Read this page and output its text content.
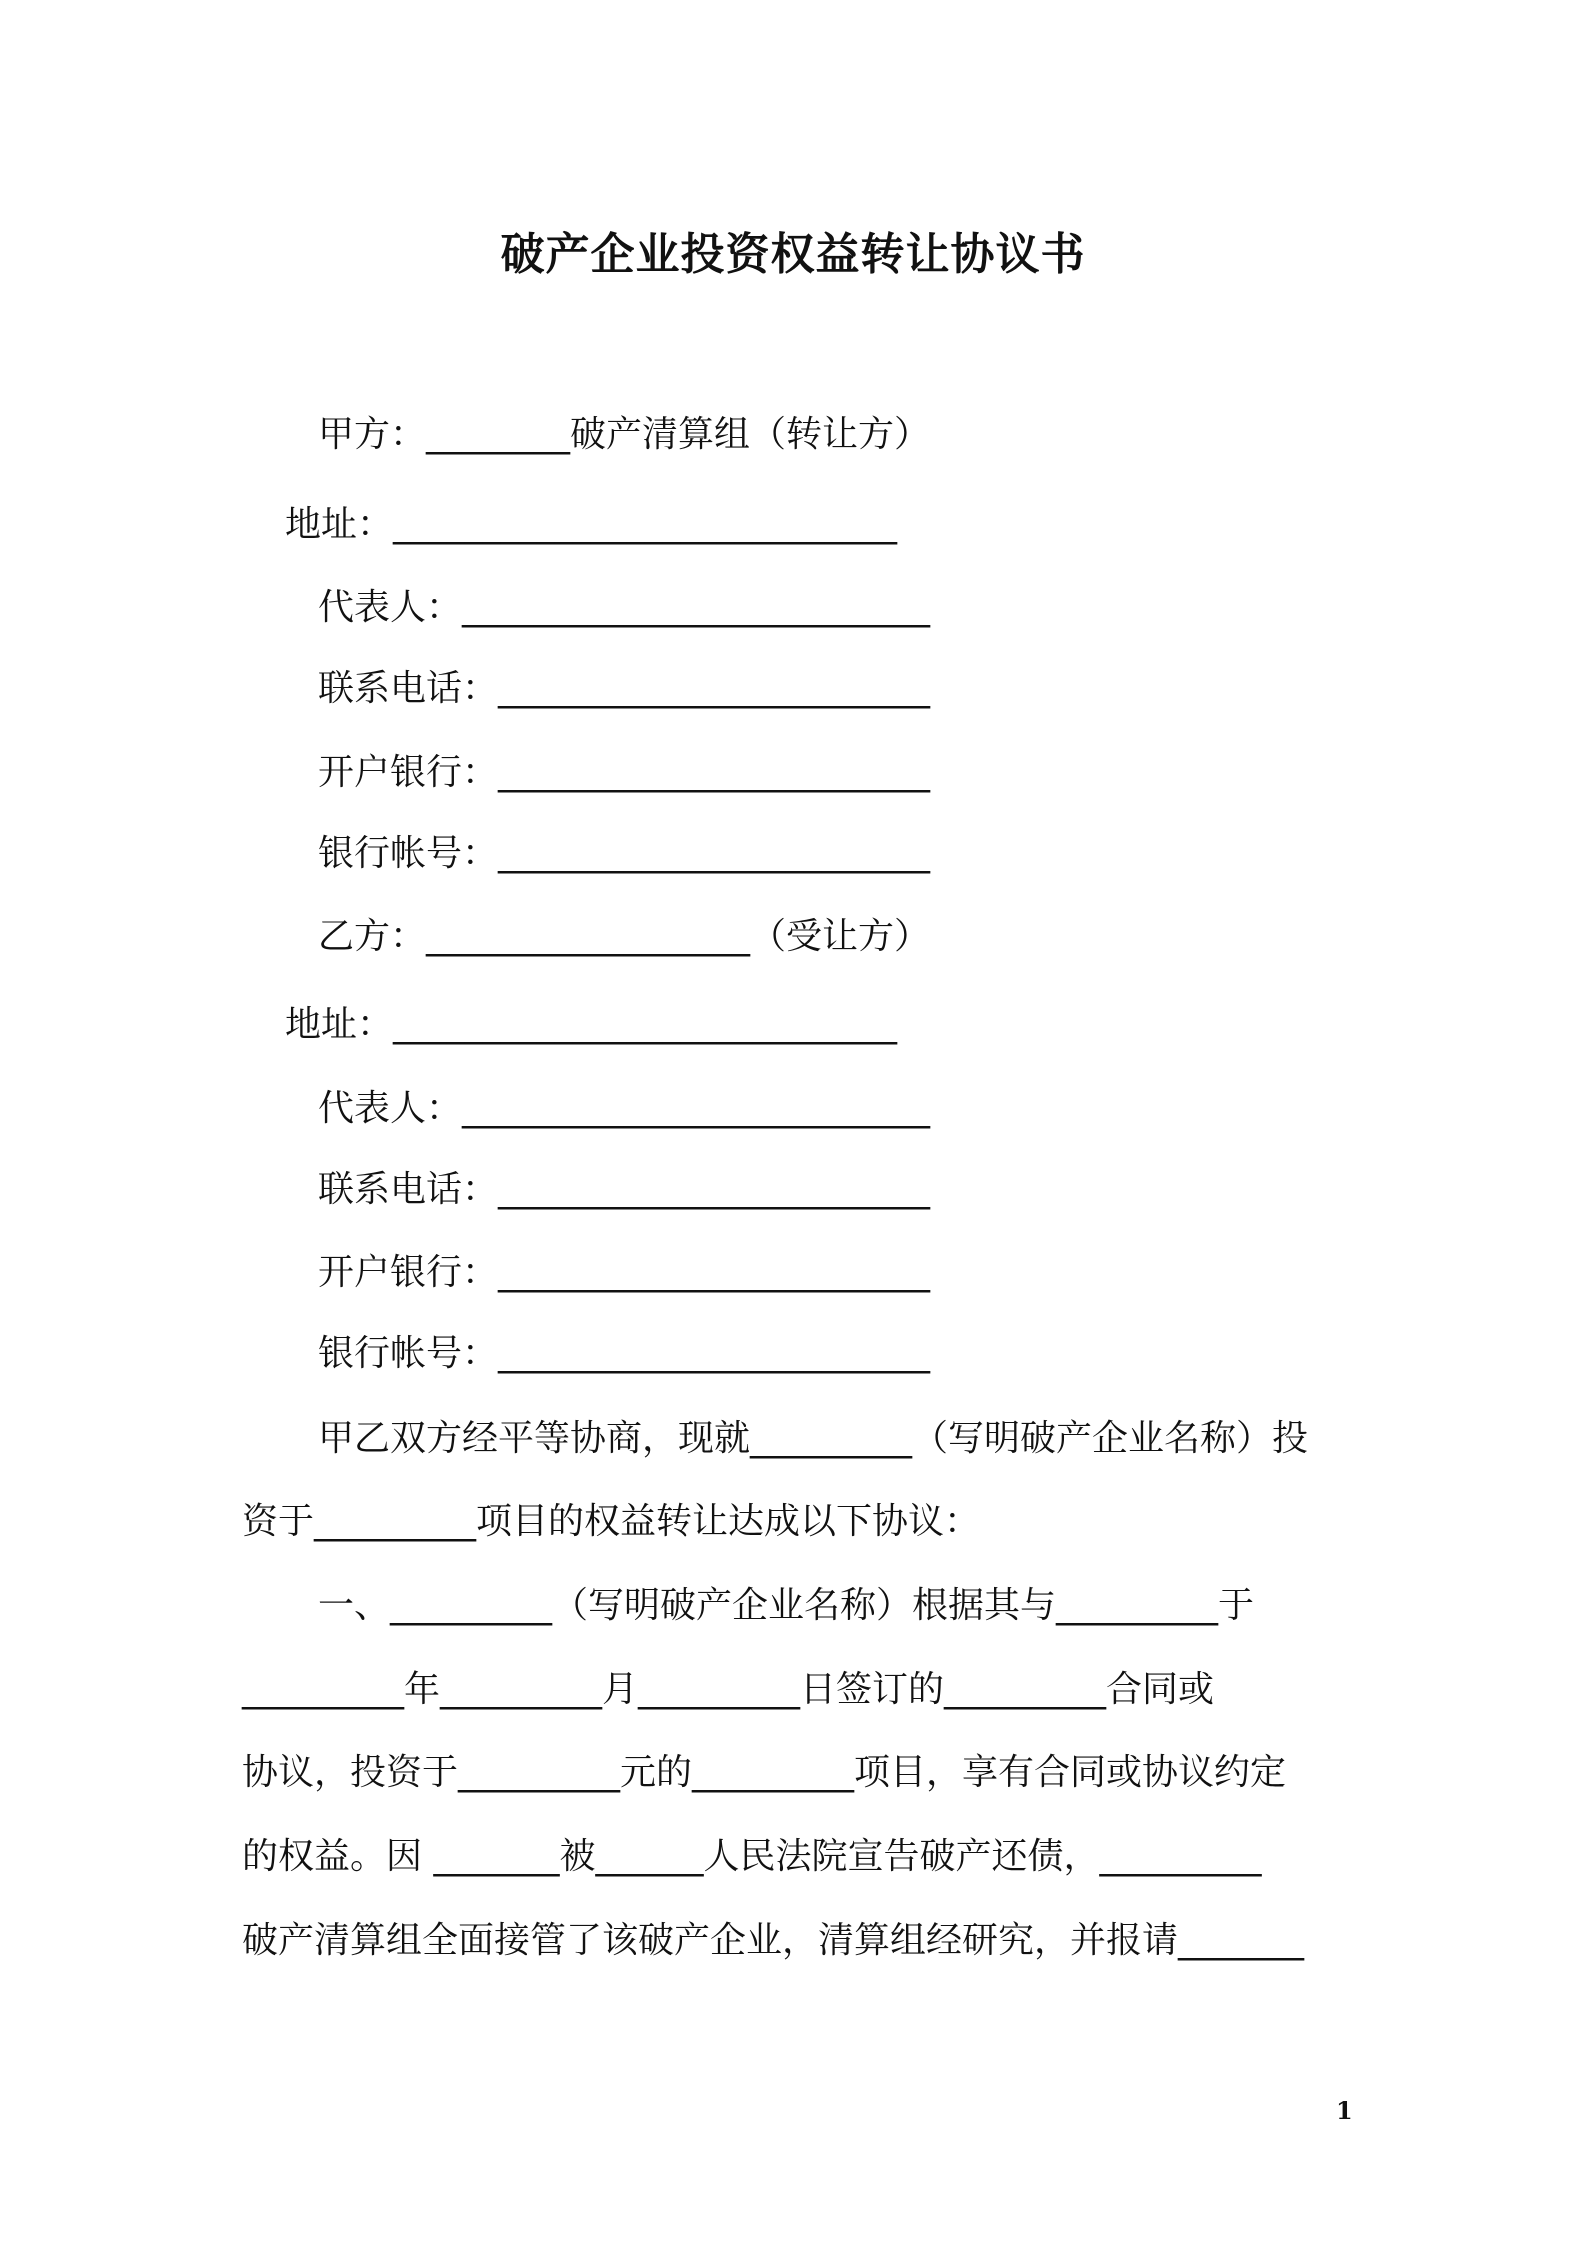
破产企业投资权益转让协议书
甲方：________破产清算组（转让方）
地址：____________________________
代表人：__________________________
联系电话：________________________
开户银行：________________________
银行帐号：________________________
乙方：__________________（受让方）
地址：____________________________
代表人：__________________________
联系电话：________________________
开户银行：________________________
银行帐号：________________________
甲乙双方经平等协商，现就_________（写明破产企业名称）投
资于_________项目的权益转让达成以下协议：
一、_________（写明破产企业名称）根据其与_________于
_________年_________月_________日签订的_________合同或
协议，投资于_________元的_________项目，享有合同或协议约定
的权益。因 _______被______人民法院宣告破产还债，_________
破产清算组全面接管了该破产企业，清算组经研究，并报请_______
1
